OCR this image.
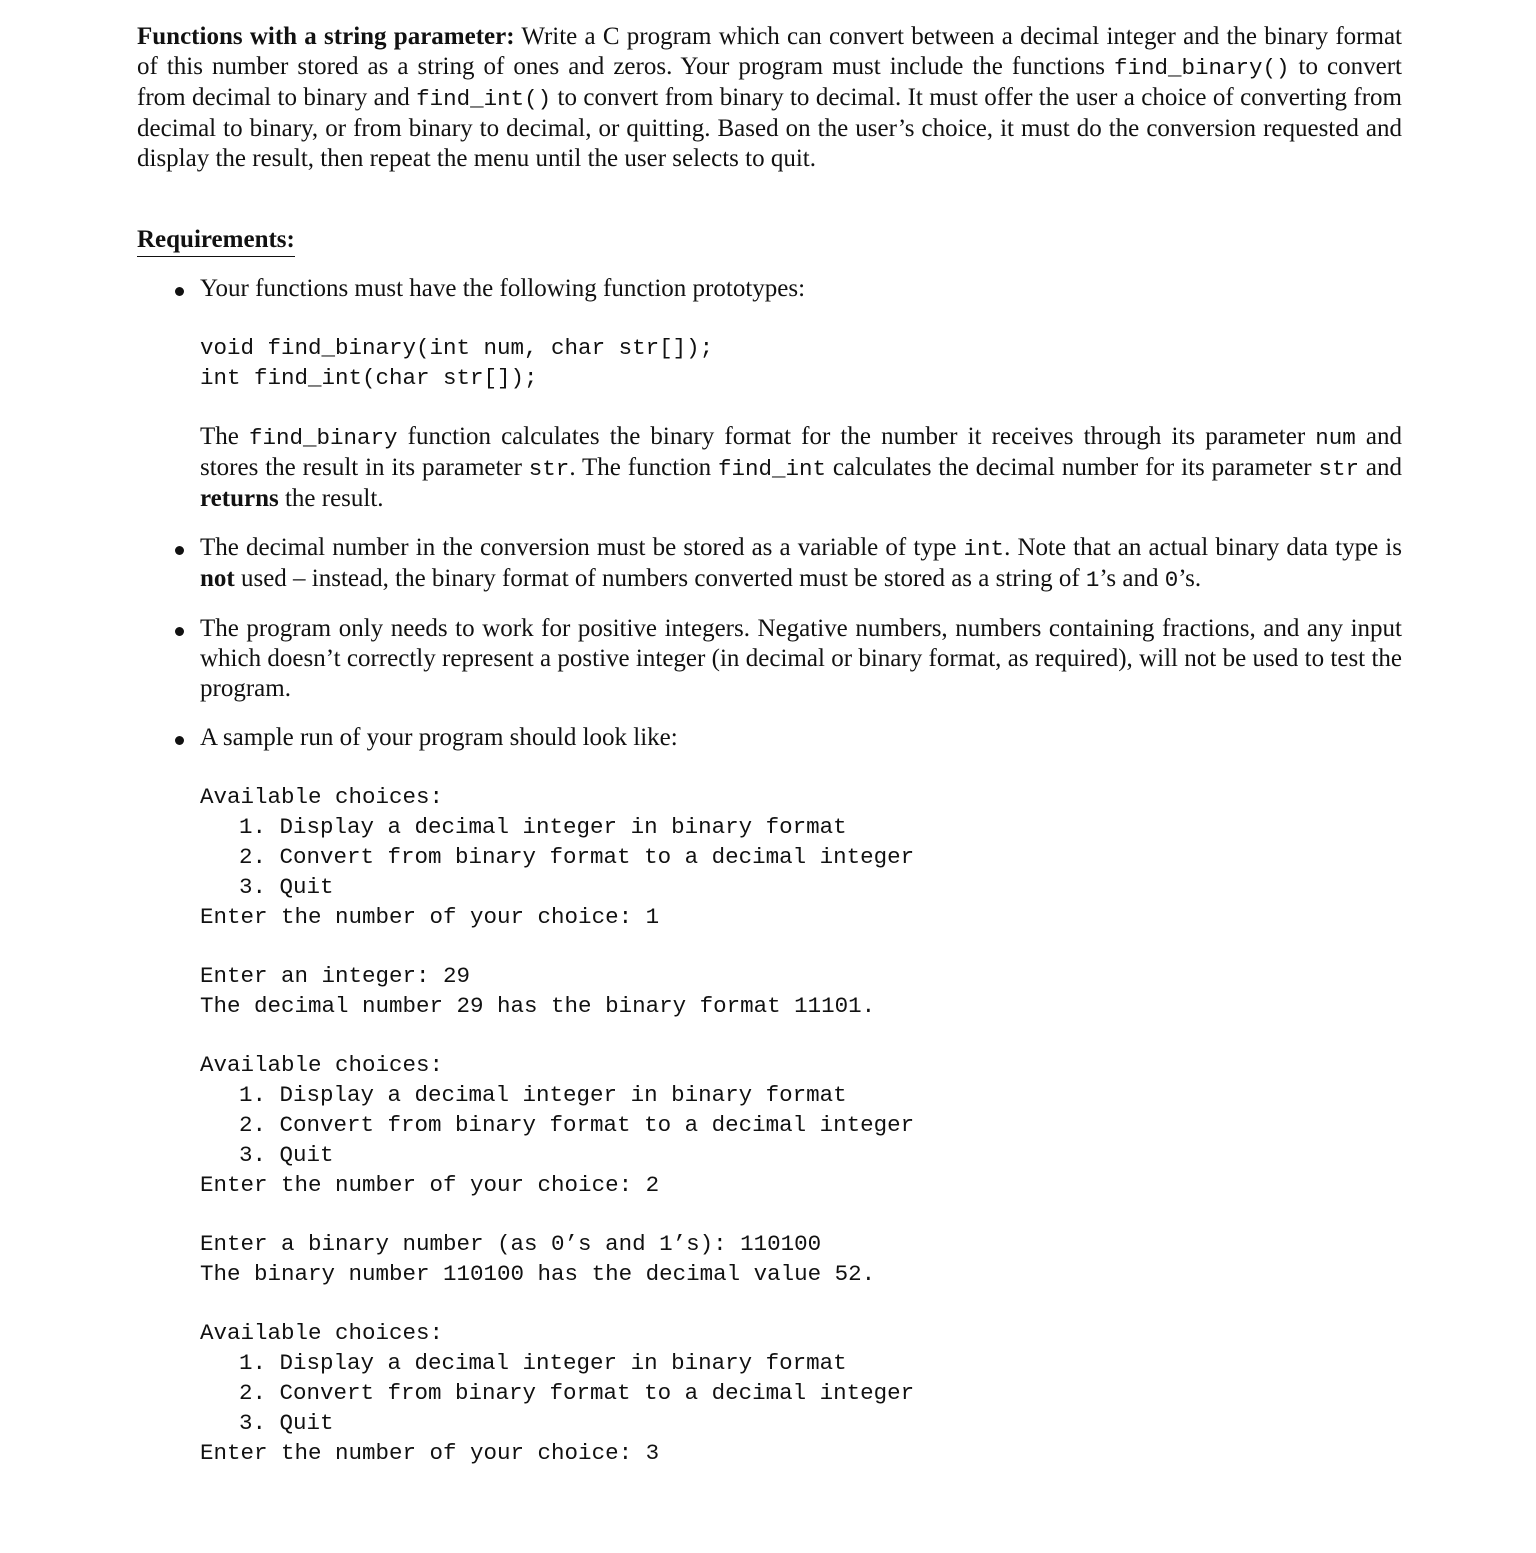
Functions with a string parameter: Write a C program which can convert between a decimal integer and the binary format of this number stored as a string of ones and zeros. Your program must include the functions find_binary() to convert from decimal to binary and find_int() to convert from binary to decimal. It must offer the user a choice of converting from decimal to binary, or from binary to decimal, or quitting. Based on the user’s choice, it must do the conversion requested and display the result, then repeat the menu until the user selects to quit.

Requirements:

Your functions must have the following function prototypes:

void find_binary(int num, char str[]);
int find_int(char str[]);

The find_binary function calculates the binary format for the number it receives through its parameter num and stores the result in its parameter str. The function find_int calculates the decimal number for its parameter str and returns the result.

The decimal number in the conversion must be stored as a variable of type int. Note that an actual binary data type is not used – instead, the binary format of numbers converted must be stored as a string of 1’s and 0’s.

The program only needs to work for positive integers. Negative numbers, numbers containing fractions, and any input which doesn’t correctly represent a postive integer (in decimal or binary format, as required), will not be used to test the program.

A sample run of your program should look like:

Available choices:
1. Display a decimal integer in binary format
2. Convert from binary format to a decimal integer
3. Quit
Enter the number of your choice: 1
Enter an integer: 29
The decimal number 29 has the binary format 11101.
Available choices:
1. Display a decimal integer in binary format
2. Convert from binary format to a decimal integer
3. Quit
Enter the number of your choice: 2
Enter a binary number (as 0’s and 1’s): 110100
The binary number 110100 has the decimal value 52.
Available choices:
1. Display a decimal integer in binary format
2. Convert from binary format to a decimal integer
3. Quit
Enter the number of your choice: 3
